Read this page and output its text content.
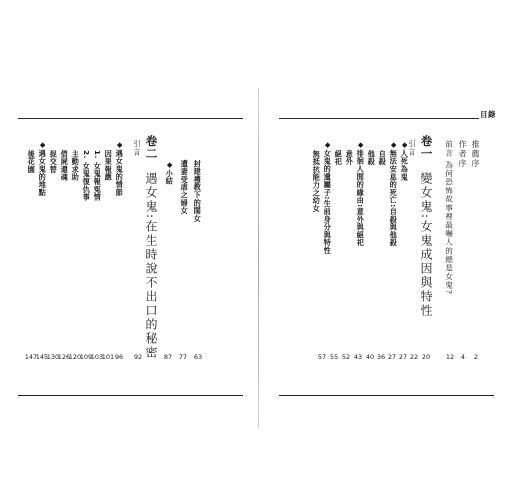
封建禮教下的閨女
63
遭妻受虐之婦女
77
◆小結
87
卷二
引言
遇女鬼:在生時說不出口的秘密
92
◆遇女鬼的情節
96
因果報應
101
1. 女鬼報冤情
103
2. 女鬼復仇事
109
主動求助
120
借屍還魂
126
捉交替
130
◆遇女鬼的地點
145
後花園
147
目錄
推薦序
2
作者序
4
前言 為何恐怖故事裡最嚇人的總是女鬼?
12
卷一
引言
變女鬼:女鬼成因與特性
20
◆人死為鬼
22
◆無法安息的死亡:自殺與他殺
27
自殺
27
他殺
36
◆徘徊人間的緣由:意外與絕祀
40
意外
43
絕祀
52
◆女鬼的遺屬子:生前身分與特性
55
無抵抗能力之幼女
57
